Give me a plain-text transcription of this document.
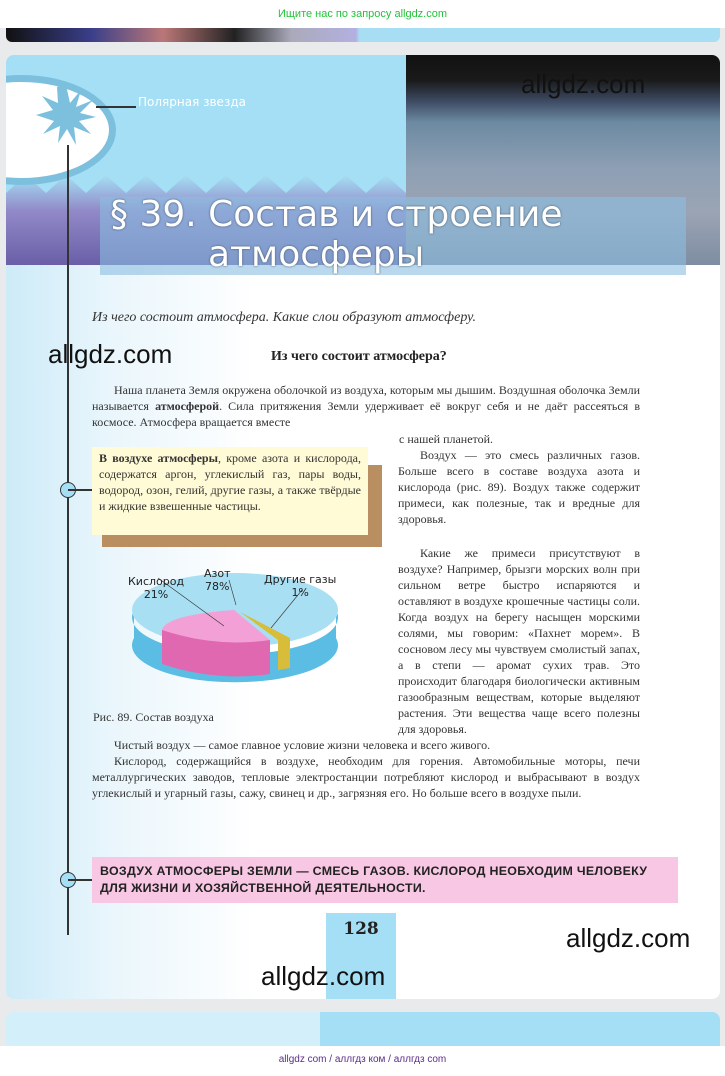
Ищите нас по запросу allgdz.com
Полярная звезда
allgdz.com
§ 39. Состав и строение
атмосферы
Из чего состоит атмосфера. Какие слои образуют атмосферу.
allgdz.com	Из чего состоит атмосфера?
Наша планета Земля окружена оболочкой из воздуха, которым мы дышим. Воздушная оболочка Земли называется атмосферой. Сила притяжения Земли удерживает её вокруг себя и не даёт рассеяться в космосе. Атмосфера вращается вместе
с нашей планетой.
В воздухе атмосферы, кроме азота и кислорода, содержатся аргон, углекислый газ, пары воды, водород, озон, гелий, другие газы, а также твёрдые и жидкие взвешенные частицы.
Воздух — это смесь различных газов. Больше всего в составе воздуха азота и кислорода (рис. 89). Воздух также содержит примеси, как полезные, так и вредные для здоровья.
Какие же примеси присутствуют в воздухе? Например, брызги морских волн при сильном ветре быстро испаряются и оставляют в воздухе крошечные частицы соли. Когда воздух на берегу насыщен морскими солями, мы говорим: «Пахнет морем». В сосновом лесу мы чувствуем смолистый запах, а в степи — аромат сухих трав. Это происходит благодаря биологически активным газообразным веществам, которые выделяют растения. Эти вещества чаще всего полезны для здоровья.
Чистый воздух — самое главное условие жизни человека и всего живого.
Кислород, содержащийся в воздухе, необходим для горения. Автомобильные моторы, печи металлургических заводов, тепловые электростанции потребляют кислород и выбрасывают в воздух углекислый и угарный газы, сажу, свинец и др., загрязняя его. Но больше всего в воздухе пыли.
Кислород
21%
Азот
78%
Другие газы
1%
Рис. 89. Состав воздуха
ВОЗДУХ АТМОСФЕРЫ ЗЕМЛИ — СМЕСЬ ГАЗОВ. КИСЛОРОД НЕОБХОДИМ ЧЕЛОВЕКУ ДЛЯ ЖИЗНИ И ХОЗЯЙСТВЕННОЙ ДЕЯТЕЛЬНОСТИ.
128
allgdz.com
allgdz.com
allgdz com / аллгдз ком / аллгдз com
